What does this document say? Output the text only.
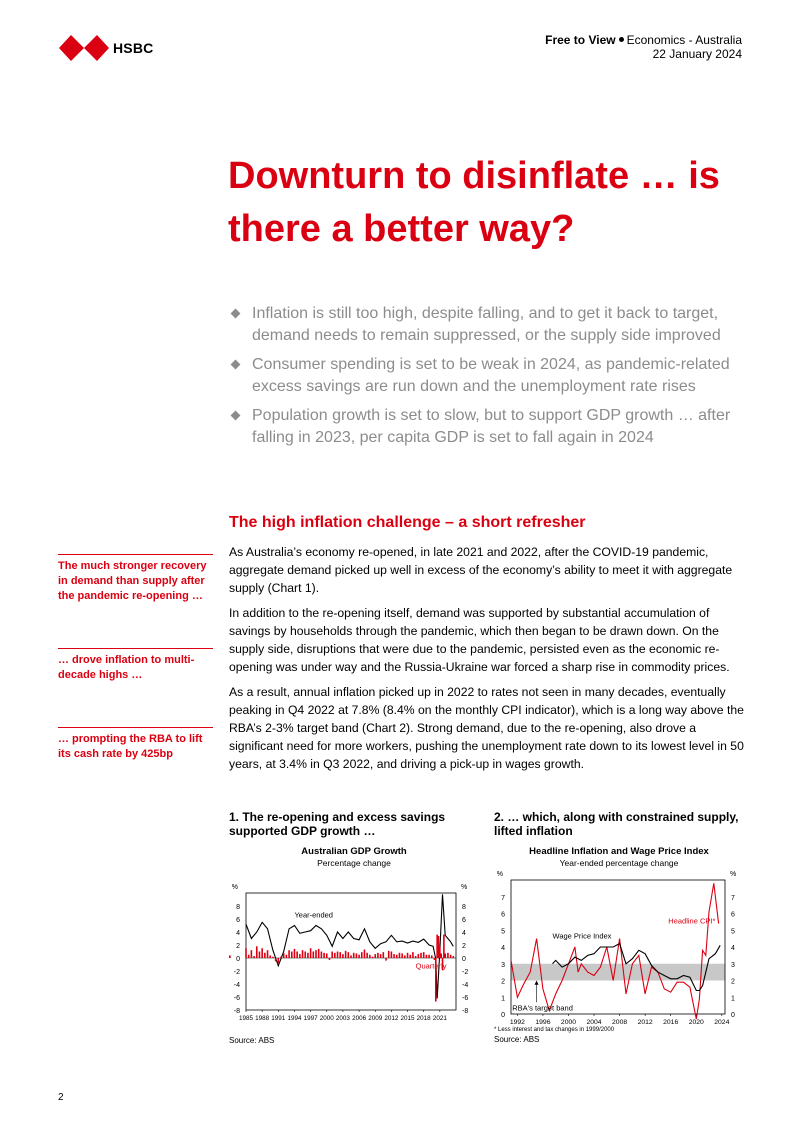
HSBC	Free to View Economics - Australia
22 January 2024
Downturn to disinflate … is there a better way?
Inflation is still too high, despite falling, and to get it back to target, demand needs to remain suppressed, or the supply side improved
Consumer spending is set to be weak in 2024, as pandemic-related excess savings are run down and the unemployment rate rises
Population growth is set to slow, but to support GDP growth … after falling in 2023, per capita GDP is set to fall again in 2024
The high inflation challenge – a short refresher

As Australia’s economy re-opened, in late 2021 and 2022, after the COVID-19 pandemic, aggregate demand picked up well in excess of the economy’s ability to meet it with aggregate supply (Chart 1).

In addition to the re-opening itself, demand was supported by substantial accumulation of savings by households through the pandemic, which then began to be drawn down. On the supply side, disruptions that were due to the pandemic, persisted even as the economic re-opening was under way and the Russia-Ukraine war forced a sharp rise in commodity prices.

As a result, annual inflation picked up in 2022 to rates not seen in many decades, eventually peaking in Q4 2022 at 7.8% (8.4% on the monthly CPI indicator), which is a long way above the RBA’s 2-3% target band (Chart 2). Strong demand, due to the re-opening, also drove a significant need for more workers, pushing the unemployment rate down to its lowest level in 50 years, at 3.4% in Q3 2022, and driving a pick-up in wages growth.

The much stronger recovery in demand than supply after the pandemic re-opening …
… drove inflation to multi-decade highs …
… prompting the RBA to lift its cash rate by 425bp
1. The re-opening and excess savings supported GDP growth …
Australian GDP Growth
Percentage change
-8	-8
-6	-6
-4	-4
-2	-2
0	0
2	2
4	4
6	6
8	8
%	%
1985 1988 1991 1994 1997 2000 2003 2006 2009 2012 2015 2018 2021
Year-ended
Quarterly
Source: ABS
2. … which, along with constrained supply, lifted inflation
Headline Inflation and Wage Price Index
Year-ended percentage change
0	0
1	1
2	2
3	3
4	4
5	5
6	6
7	7
%	%
1992 1996 2000 2004 2008 2012 2016 2020 2024
Wage Price Index
Headline CPI*
RBA's target band
* Less interest and tax changes in 1999/2000
Source: ABS
2
